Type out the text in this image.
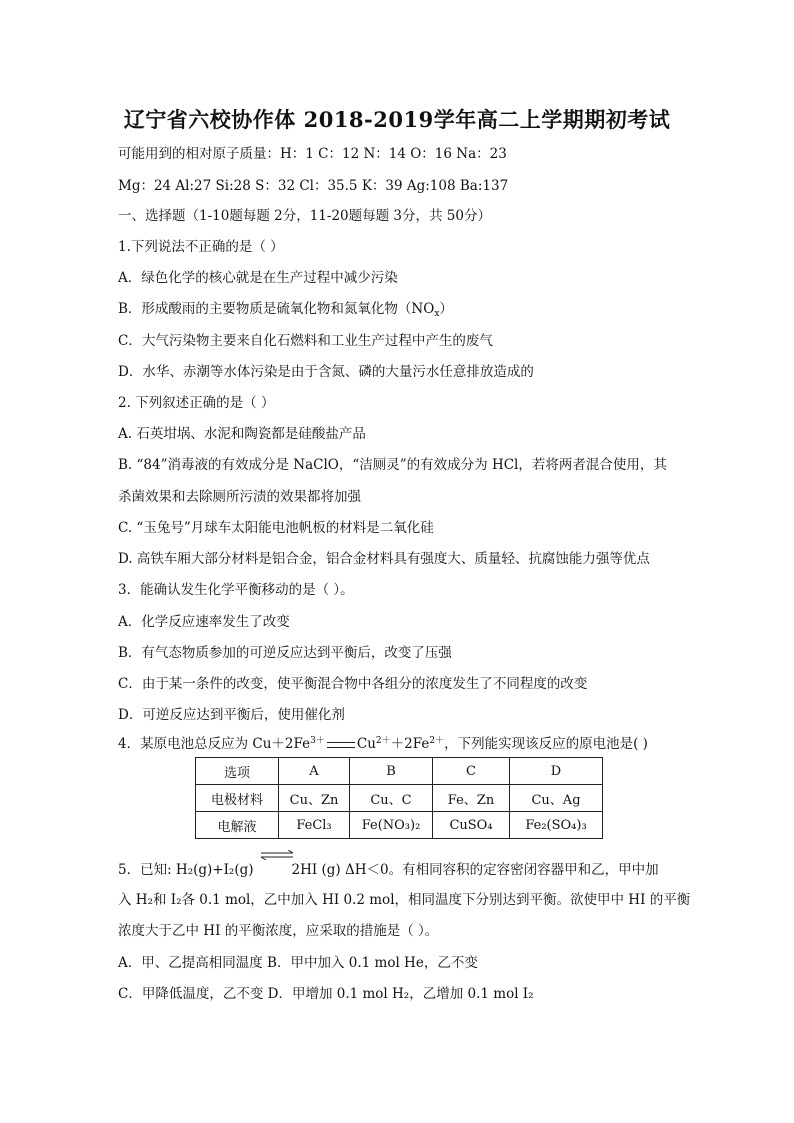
辽宁省六校协作体 2018-2019学年高二上学期期初考试
可能用到的相对原子质量：H：1 C：12 N：14 O：16 Na：23
Mg：24 Al:27 Si:28 S：32 Cl：35.5 K：39 Ag:108 Ba:137
一、选择题（1-10题每题 2分，11-20题每题 3分，共 50分）
1.下列说法不正确的是（ ）
A．绿色化学的核心就是在生产过程中减少污染
B．形成酸雨的主要物质是硫氧化物和氮氧化物$(NO_x)$
C．大气污染物主要来自化石燃料和工业生产过程中产生的废气
D．水华、赤潮等水体污染是由于含氮、磷的大量污水任意排放造成的
2. 下列叙述正确的是（ ）
A. 石英坩埚、水泥和陶瓷都是硅酸盐产品
B. “84”消毒液的有效成分是 NaClO，“洁厕灵”的有效成分为 HCl，若将两者混合使用，其
杀菌效果和去除厕所污渍的效果都将加强
C. “玉兔号”月球车太阳能电池帆板的材料是二氧化硅
D. 高铁车厢大部分材料是铝合金，铝合金材料具有强度大、质量轻、抗腐蚀能力强等优点
3．能确认发生化学平衡移动的是（ ）。
A．化学反应速率发生了改变
B．有气态物质参加的可逆反应达到平衡后，改变了压强
C．由于某一条件的改变，使平衡混合物中各组分的浓度发生了不同程度的改变
D．可逆反应达到平衡后，使用催化剂
4．某原电池总反应为 $Cu+2Fe^{3+}$ $Cu^{2+}+2Fe^{2+}$，下列能实现该反应的原电池是( )
选项	A	B	C	D
电极材料	Cu、Zn	Cu、C	Fe、Zn	Cu、Ag
电解液	FeCl₃	Fe(NO₃)₂	CuSO₄	Fe₂(SO₄)₃
5．已知: H₂(g)+I₂(g)	2HI (g) ΔH＜0。有相同容积的定容密闭容器甲和乙，甲中加
入 H₂和 I₂各 0.1 mol，乙中加入 HI 0.2 mol，相同温度下分别达到平衡。欲使甲中 HI 的平衡
浓度大于乙中 HI 的平衡浓度，应采取的措施是（ ）。
A．甲、乙提高相同温度 B．甲中加入 0.1 mol He，乙不变
C．甲降低温度，乙不变 D．甲增加 0.1 mol H₂，乙增加 0.1 mol I₂
